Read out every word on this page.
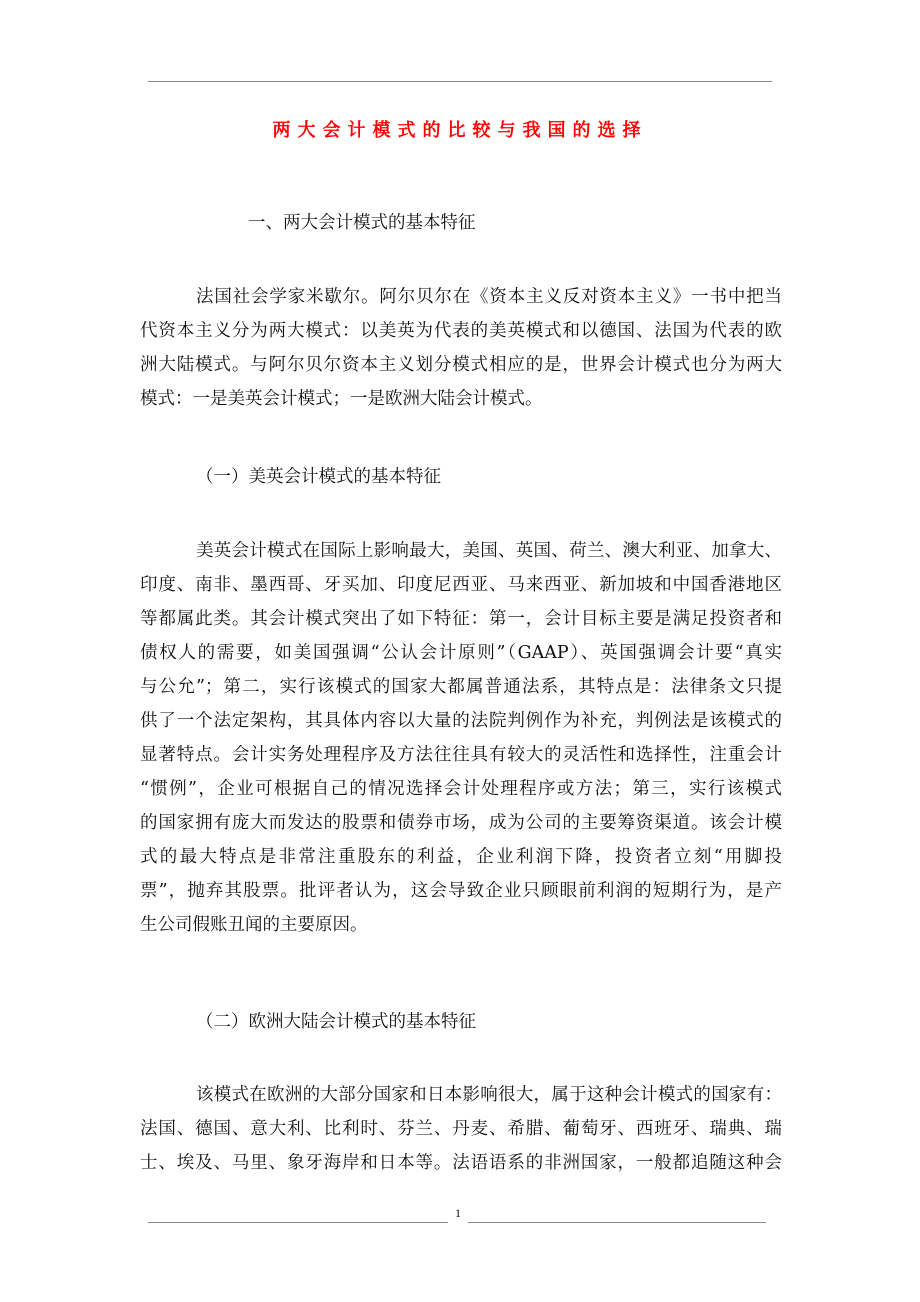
两大会计模式的比较与我国的选择
一、两大会计模式的基本特征
法国社会学家米歇尔。阿尔贝尔在《资本主义反对资本主义》一书中把当
代资本主义分为两大模式：以美英为代表的美英模式和以德国、法国为代表的欧
洲大陆模式。与阿尔贝尔资本主义划分模式相应的是，世界会计模式也分为两大
模式：一是美英会计模式；一是欧洲大陆会计模式。
（一）美英会计模式的基本特征
美英会计模式在国际上影响最大，美国、英国、荷兰、澳大利亚、加拿大、
印度、南非、墨西哥、牙买加、印度尼西亚、马来西亚、新加坡和中国香港地区
等都属此类。其会计模式突出了如下特征：第一，会计目标主要是满足投资者和
债权人的需要，如美国强调“公认会计原则”（GAAP）、英国强调会计要“真实
与公允”；第二，实行该模式的国家大都属普通法系，其特点是：法律条文只提
供了一个法定架构，其具体内容以大量的法院判例作为补充，判例法是该模式的
显著特点。会计实务处理程序及方法往往具有较大的灵活性和选择性，注重会计
“惯例”，企业可根据自己的情况选择会计处理程序或方法；第三，实行该模式
的国家拥有庞大而发达的股票和债券市场，成为公司的主要筹资渠道。该会计模
式的最大特点是非常注重股东的利益，企业利润下降，投资者立刻“用脚投
票”，抛弃其股票。批评者认为，这会导致企业只顾眼前利润的短期行为，是产
生公司假账丑闻的主要原因。
（二）欧洲大陆会计模式的基本特征
该模式在欧洲的大部分国家和日本影响很大，属于这种会计模式的国家有：
法国、德国、意大利、比利时、芬兰、丹麦、希腊、葡萄牙、西班牙、瑞典、瑞
士、埃及、马里、象牙海岸和日本等。法语语系的非洲国家，一般都追随这种会
1
